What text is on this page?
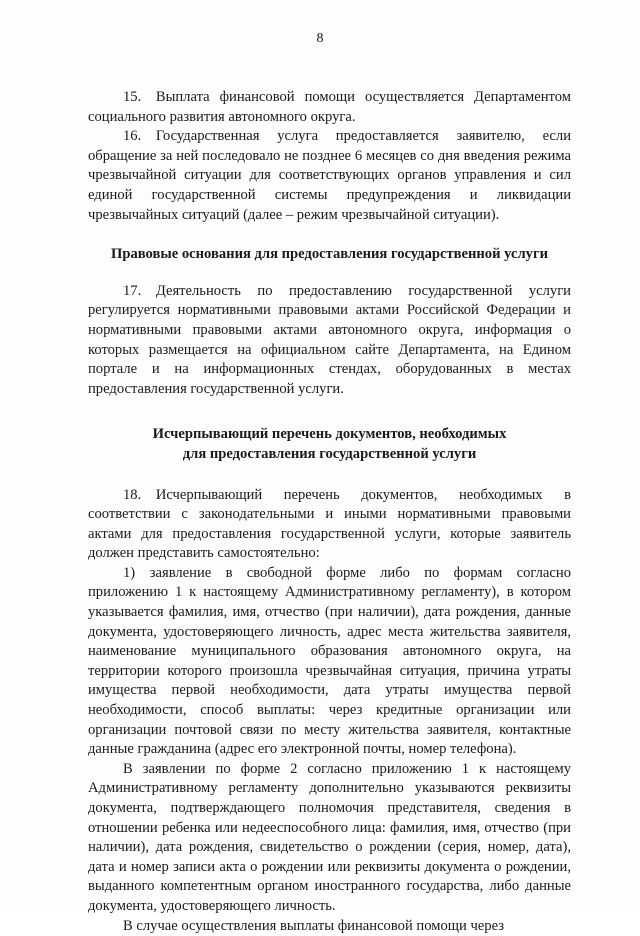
8

15. Выплата финансовой помощи осуществляется Департаментом социального развития автономного округа.

16. Государственная услуга предоставляется заявителю, если обращение за ней последовало не позднее 6 месяцев со дня введения режима чрезвычайной ситуации для соответствующих органов управления и сил единой государственной системы предупреждения и ликвидации чрезвычайных ситуаций (далее – режим чрезвычайной ситуации).

Правовые основания для предоставления государственной услуги

17. Деятельность по предоставлению государственной услуги регулируется нормативными правовыми актами Российской Федерации и нормативными правовыми актами автономного округа, информация о которых размещается на официальном сайте Департамента, на Едином портале и на информационных стендах, оборудованных в местах предоставления государственной услуги.

Исчерпывающий перечень документов, необходимых

для предоставления государственной услуги

18. Исчерпывающий перечень документов, необходимых в соответствии с законодательными и иными нормативными правовыми актами для предоставления государственной услуги, которые заявитель должен представить самостоятельно:

1) заявление в свободной форме либо по формам согласно приложению 1 к настоящему Административному регламенту), в котором указывается фамилия, имя, отчество (при наличии), дата рождения, данные документа, удостоверяющего личность, адрес места жительства заявителя, наименование муниципального образования автономного округа, на территории которого произошла чрезвычайная ситуация, причина утраты имущества первой необходимости, дата утраты имущества первой необходимости, способ выплаты: через кредитные организации или организации почтовой связи по месту жительства заявителя, контактные данные гражданина (адрес его электронной почты, номер телефона).

В заявлении по форме 2 согласно приложению 1 к настоящему Административному регламенту дополнительно указываются реквизиты документа, подтверждающего полномочия представителя, сведения в отношении ребенка или недееспособного лица: фамилия, имя, отчество (при наличии), дата рождения, свидетельство о рождении (серия, номер, дата), дата и номер записи акта о рождении или реквизиты документа о рождении, выданного компетентным органом иностранного государства, либо данные документа, удостоверяющего личность.

В случае осуществления выплаты финансовой помощи через
